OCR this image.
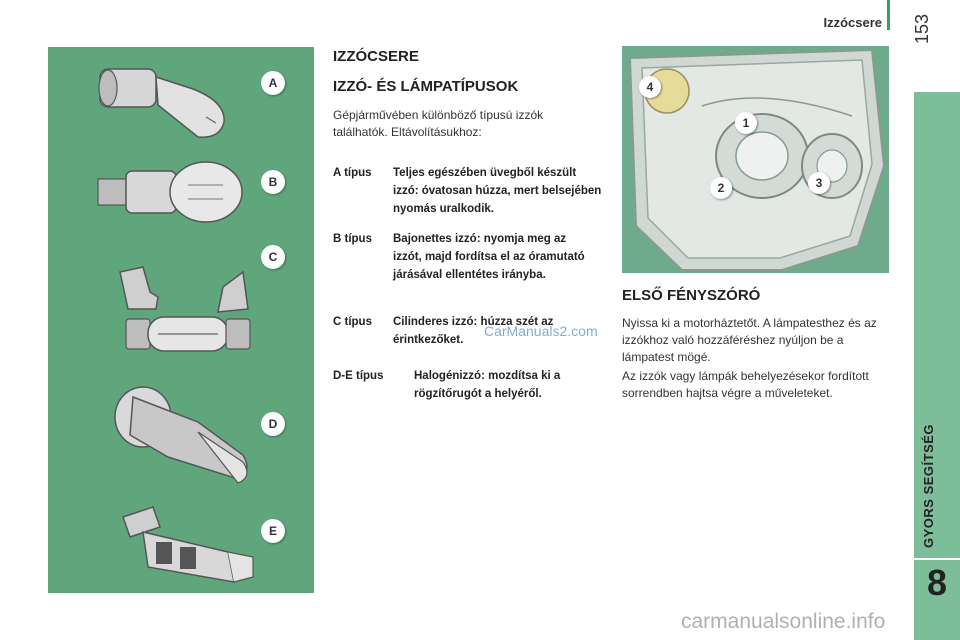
Izzócsere 153
GYORS SEGÍTSÉG
8
A
B
C
D
E
IZZÓCSERE
IZZÓ- ÉS LÁMPATÍPUSOK
Gépjárművében különböző típusú izzók találhatók. Eltávolításukhoz:
A típus Teljes egészében üvegből készült izzó: óvatosan húzza, mert belsejében nyomás uralkodik.
B típus Bajonettes izzó: nyomja meg az izzót, majd fordítsa el az óramutató járásával ellentétes irányba.
C típus Cilinderes izzó: húzza szét az érintkezőket.
D-E típus	Halogénizzó: mozdítsa ki a rögzítőrugót a helyéről.
4
1
2	3
ELSŐ FÉNYSZÓRÓ
Nyissa ki a motorháztetőt. A lámpatesthez és az izzókhoz való hozzáféréshez nyúljon be a lámpatest mögé.
Az izzók vagy lámpák behelyezésekor fordított sorrendben hajtsa végre a műveleteket.
CarManuals2.com
carmanualsonline.info
